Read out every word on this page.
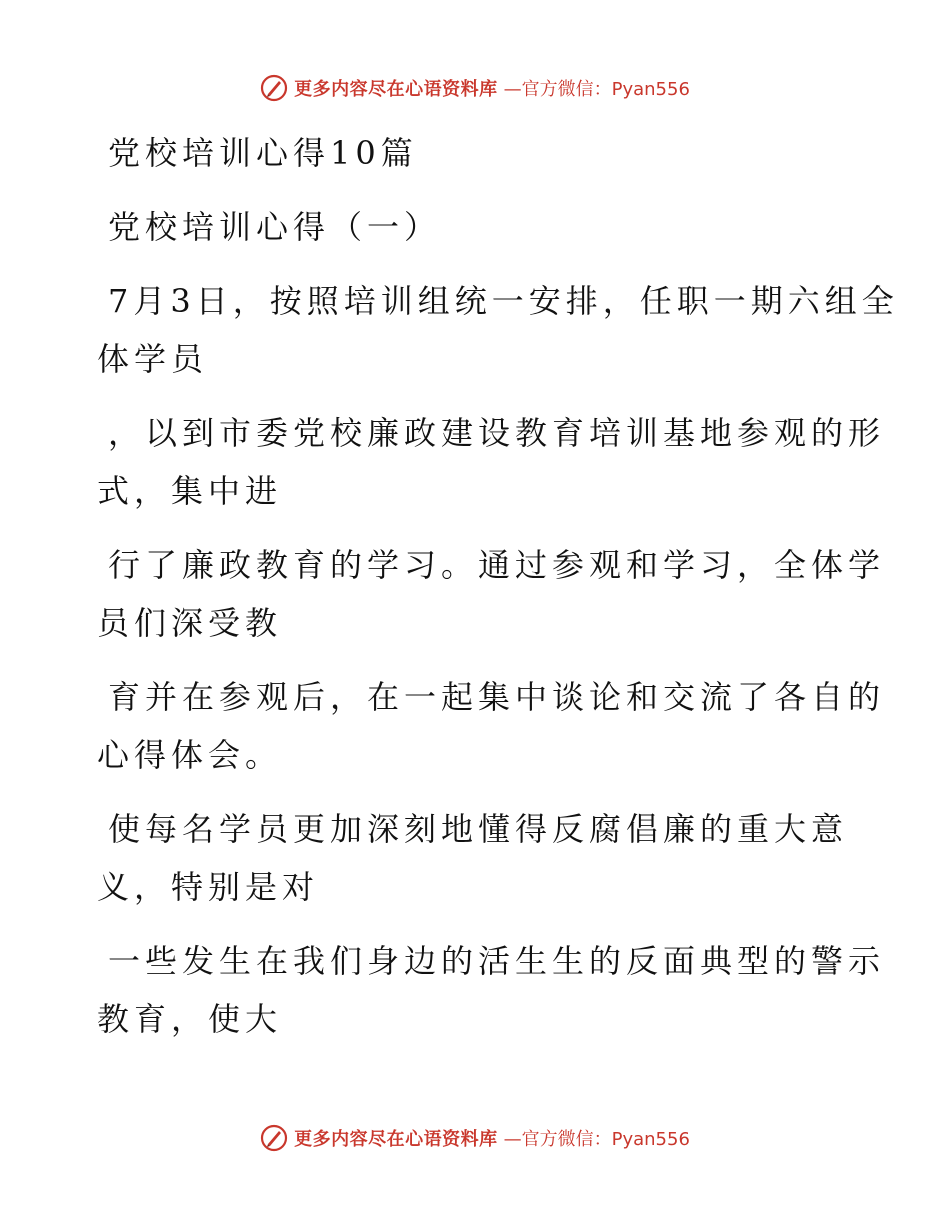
更多内容尽在心语资料库 —官方微信：Pyan556

党校培训心得10篇

党校培训心得（一）

7月3日，按照培训组统一安排，任职一期六组全

体学员

，以到市委党校廉政建设教育培训基地参观的形

式，集中进

行了廉政教育的学习。通过参观和学习，全体学

员们深受教

育并在参观后，在一起集中谈论和交流了各自的

心得体会。

使每名学员更加深刻地懂得反腐倡廉的重大意

义，特别是对

一些发生在我们身边的活生生的反面典型的警示

教育，使大

更多内容尽在心语资料库 —官方微信：Pyan556
